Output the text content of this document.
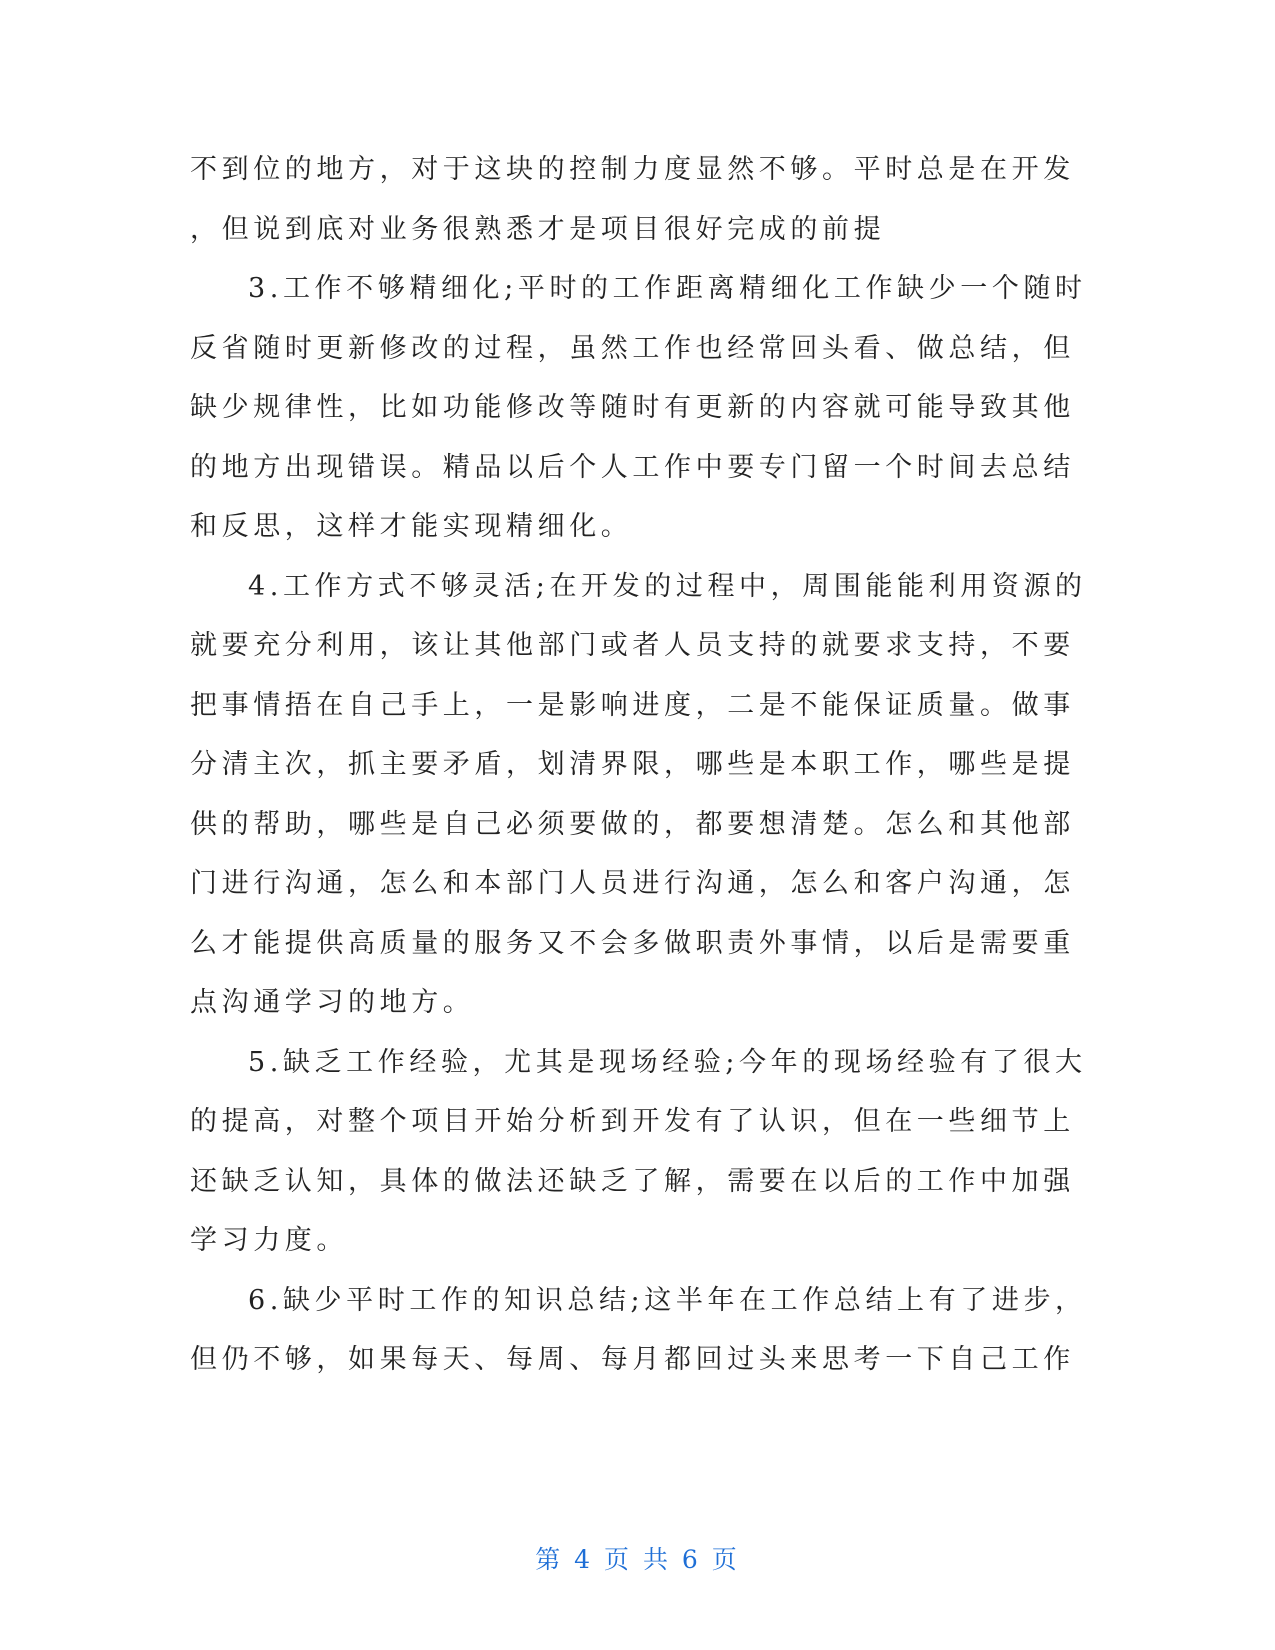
不到位的地方，对于这块的控制力度显然不够。平时总是在开发
，但说到底对业务很熟悉才是项目很好完成的前提
3.工作不够精细化;平时的工作距离精细化工作缺少一个随时
反省随时更新修改的过程，虽然工作也经常回头看、做总结，但
缺少规律性，比如功能修改等随时有更新的内容就可能导致其他
的地方出现错误。精品以后个人工作中要专门留一个时间去总结
和反思，这样才能实现精细化。
4.工作方式不够灵活;在开发的过程中，周围能能利用资源的
就要充分利用，该让其他部门或者人员支持的就要求支持，不要
把事情捂在自己手上，一是影响进度，二是不能保证质量。做事
分清主次，抓主要矛盾，划清界限，哪些是本职工作，哪些是提
供的帮助，哪些是自己必须要做的，都要想清楚。怎么和其他部
门进行沟通，怎么和本部门人员进行沟通，怎么和客户沟通，怎
么才能提供高质量的服务又不会多做职责外事情，以后是需要重
点沟通学习的地方。
5.缺乏工作经验，尤其是现场经验;今年的现场经验有了很大
的提高，对整个项目开始分析到开发有了认识，但在一些细节上
还缺乏认知，具体的做法还缺乏了解，需要在以后的工作中加强
学习力度。
6.缺少平时工作的知识总结;这半年在工作总结上有了进步，
但仍不够，如果每天、每周、每月都回过头来思考一下自己工作
第 4 页 共 6 页
